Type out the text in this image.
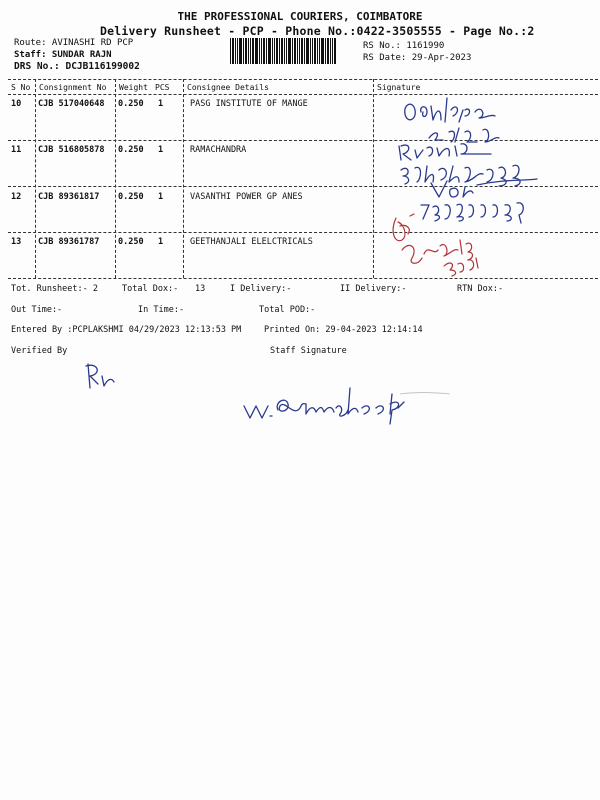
THE PROFESSIONAL COURIERS, COIMBATORE
Delivery Runsheet - PCP - Phone No.:0422-3505555 - Page No.:2
Route: AVINASHI RD PCP
Staff: SUNDAR RAJN
DRS No.: DCJB116199002
RS No.: 1161990
RS Date: 29-Apr-2023
S No Consignment No Weight PCS Consignee Details	Signature
10 CJB 517040648 0.250 1	PASG INSTITUTE OF MANGE
11 CJB 516805878 0.250 1	RAMACHANDRA
12 CJB 89361817 0.250 1	VASANTHI POWER GP ANES
13 CJB 89361787 0.250 1	GEETHANJALI ELELCTRICALS
Tot. Runsheet:- 2	Total Dox:- 13	I Delivery:-	II Delivery:-	RTN Dox:-
Out Time:-	In Time:-	Total POD:-
Entered By :PCPLAKSHMI 04/29/2023 12:13:53 PM	Printed On: 29-04-2023 12:14:14
Verified By	Staff Signature
